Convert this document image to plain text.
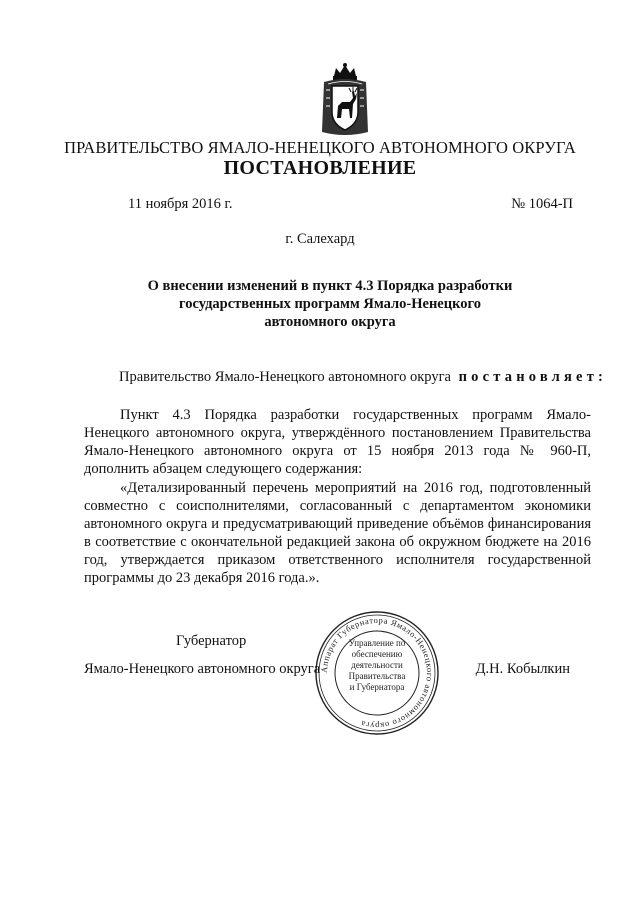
ПРАВИТЕЛЬСТВО ЯМАЛО-НЕНЕЦКОГО АВТОНОМНОГО ОКРУГА
ПОСТАНОВЛЕНИЕ
11 ноября 2016 г.	№ 1064-П
г. Салехард
О внесении изменений в пункт 4.3 Порядка разработки
государственных программ Ямало-Ненецкого
автономного округа
Правительство Ямало-Ненецкого автономного округа постановляет:
Пункт 4.3 Порядка разработки государственных программ Ямало-Ненецкого автономного округа, утверждённого постановлением Правительства Ямало-Ненецкого автономного округа от 15 ноября 2013 года № 960-П, дополнить абзацем следующего содержания:
«Детализированный перечень мероприятий на 2016 год, подготовленный совместно с соисполнителями, согласованный с департаментом экономики автономного округа и предусматривающий приведение объёмов финансирования в соответствие с окончательной редакцией закона об окружном бюджете на 2016 год, утверждается приказом ответственного исполнителя государственной программы до 23 декабря 2016 года.».
Губернатор
Ямало-Ненецкого автономного округа	Д.Н. Кобылкин
Аппарат Губернатора Ямало-Ненецкого автономного округа
Управление по
обеспечению
деятельности
Правительства
и Губернатора
